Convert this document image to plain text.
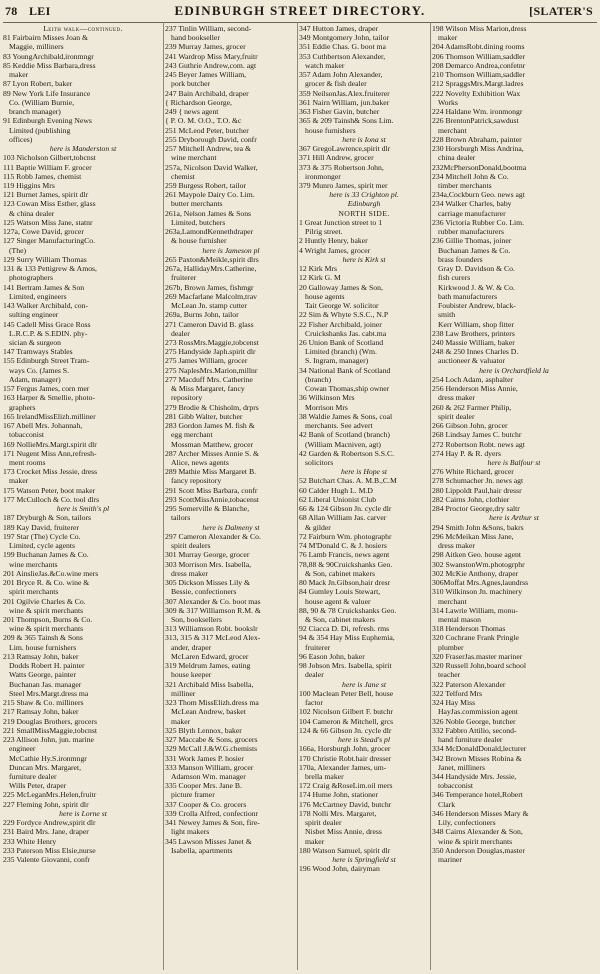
78 LEI	EDINBURGH STREET DIRECTORY.	[SLATER'S
Leith walk—continued.
81 Fairbairn Misses Joan &
Maggie, milliners
83 YoungArchibald,ironmngr
85 Keddie Miss Barbara,dress
maker
87 Lyon Robert, baker
89 New York Life Insurance
Co. (William Burnie,
branch manager)
91 Edinburgh Evening News
Limited (publishing
offices)
here is Manderston st
103 Nicholson Gilbert,tobcnst
111 Baptie William F. grocer
115 Robb James, chemist
119 Higgins Mrs
121 Burnet James, spirit dlr
123 Cowan Miss Esther, glass
& china dealer
125 Watson Miss Jane, statnr
127a, Cowe David, grocer
127 Singer ManufacturingCo.
(The)
129 Surry William Thomas
131 & 133 Pettigrew & Amos,
photographers
141 Bertram James & Son
Limited, engineers
143 Walker Archibald, con-
sulting engineer
145 Cadell Miss Grace Ross
L.R.C.P. & S.EDIN. phy-
sician & surgeon
147 Tramways Stables
155 Edinburgh Street Tram-
ways Co. (James S.
Adam, manager)
157 Fergus James, corn mer
163 Harper & Smellie, photo-
graphers
165 IrelandMissElizh.milliner
167 Abell Mrs. Johannah,
tobacconist
169 NollieMrs.Margt.spirit dlr
171 Nugent Miss Ann,refresh-
ment rooms
173 Crocket Miss Jessie, dress
maker
175 Watson Peter, boot maker
177 McCulloch & Co. tool dlrs
here is Smith's pl
187 Dryburgh & Son, tailors
189 Kay David, fruiterer
197 Star (The) Cycle Co.
Limited, cycle agents
199 Buchanan James & Co.
wine merchants
201 AinslieJas.&Co.wine mers
201 Bryce R. & Co. wine &
spirit merchants
201 Ogilvie Charles & Co.
wine & spirit merchants
201 Thompson, Burns & Co.
wine & spirit merchants
209 & 365 Tainsh & Sons
Lim. house furnishers
213 Ramsay John, baker
Dodds Robert H. painter
Watts George, painter
Buchanan Jas. manager
Steel Mrs.Margt.dress ma
215 Shaw & Co. milliners
217 Ramsay John, baker
219 Douglas Brothers, grocers
221 SmallMissMaggie,tobcnst
223 Allison John, jun. marine
engineer
McCathie Hy.S.ironmngr
Duncan Mrs. Margaret,
furniture dealer
Wills Peter, draper
225 McLeganMrs.Helen,fruitr
227 Fleming John, spirit dlr
here is Lorne st
229 Fordyce Andrew,spirit dlr
231 Baird Mrs. Jane, draper
233 White Henry
233 Paterson Miss Elsie,nurse
235 Valente Giovanni, confr
237 Tinlin William, second-
hand bookseller
239 Murray James, grocer
241 Wardrop Miss Mary,fruitr
243 Guthrie Andrew,com. agt
245 Beyer James William,
pork butcher
247 Bain Archibald, draper
{ Richardson George,
249 { news agent
{ P. O. M. O.O., T.O. &c
251 McLeod Peter, butcher
255 Dryborough David, confr
257 Mitchell Andrew, tea &
wine merchant
257a, Nicolson David Walker,
chemist
259 Burgess Robert, tailor
261 Maypole Dairy Co. Lim.
butter merchants
261a, Nelson James & Sons
Limited, butchers
263a,LamondKennethdraper
& house furnisher
here is Jameson pl
265 Paxton&Meikle,spirit dlrs
267a, HallidayMrs.Catherine,
fruiterer
267b, Brown James, fishmgr
269 Macfarlane Malcolm,trav
McLean Jn. stamp cutter
269a, Burns John, tailor
271 Cameron David B. glass
dealer
273 RossMrs.Maggie,tobcenst
275 Handyside Japh.spirit dlr
275 James William, grocer
275 NaplesMrs.Marion,millnr
277 Macduff Mrs. Catherine
& Miss Margaret, fancy
repository
279 Brodie & Chisholm, drprs
281 Gibb Walter, butcher
283 Gordon James M. fish &
egg merchant
Mossman Matthew, grocer
287 Archer Misses Annie S. &
Alice, news agents
289 Mathie Miss Margaret B.
fancy repository
291 Scott Miss Barbara, confr
293 ScottMissAnnie,tobacenst
295 Somerville & Blanche,
tailors
here is Dalmeny st
297 Cameron Alexander & Co.
spirit dealers
301 Murray George, grocer
303 Morrison Mrs. Isabella,
dress maker
305 Dickson Misses Lily &
Bessie, confectioners
307 Alexander & Co. boot mas
309 & 317 Williamson R.M. &
Son, booksellers
313 Williamson Robt. bookslr
313, 315 & 317 McLeod Alex-
ander, draper
McLaren Edward, grocer
319 Meldrum James, eating
house keeper
321 Archibald Miss Isabella,
milliner
323 Thom MissElizh.dress ma
McLean Andrew, basket
maker
325 Blyth Lennox, baker
327 Maccabe & Sons, grocers
329 McCall J.&W.G.chemists
331 Work James P. hosier
333 Manson William, grocer
Adamson Wm. manager
335 Cooper Mrs. Jane B.
picture framer
337 Cooper & Co. grocers
339 Crolla Alfred, confectionr
341 Newey James & Son, fire-
light makers
345 Lawson Misses Janet &
Isabella, apartments
347 Hutton James, draper
349 Montgomery John, tailor
351 Eddie Chas. G. boot ma
353 Cuthbertson Alexander,
watch maker
357 Adam John Alexander,
grocer & fish dealer
359 NeilsonJas.Alex.fruiterer
361 Nairn William, jun.baker
363 Fisher Gavin, butcher
365 & 209 Tainsh& Sons Lim.
house furnishers
here is Iona st
367 GregoLawrence,spirit dlr
371 Hill Andrew, grocer
373 & 375 Robertson John,
ironmonger
379 Munro James, spirit mer
here is 33 Crighton pl.
Edinburgh
NORTH SIDE.
1 Great Junction street to 1
Pilrig street.
2 Huntly Henry, baker
4 Wright James, grocer
here is Kirk st
12 Kirk Mrs
12 Kirk G. M
20 Galloway James & Son,
house agents
Tait George W. solicitor
22 Sim & Whyte S.S.C., N.P
22 Fisher Archibald, joiner
Cruickshanks Jas. cabt.ma
26 Union Bank of Scotland
Limited (branch) (Wm.
S. Ingram, manager)
34 National Bank of Scotland
(branch)
Cowan Thomas,ship owner
36 Wilkinson Mrs
Morrison Mrs
38 Waldie James & Sons, coal
merchants. See advert
42 Bank of Scotland (branch)
(William Macniven, agt)
42 Garden & Robertson S.S.C.
solicitors
here is Hope st
52 Butchart Chas. A. M.B.,C.M
60 Calder Hugh L. M.D
62 Liberal Unionist Club
66 & 124 Gibson Jn. cycle dlr
68 Allan William Jas. carver
& gilder
72 Fairburn Wm. photographr
74 M'Donald C. & J. hosiers
76 Lamb Francis, news agent
78,88 & 90Cruickshanks Geo.
& Son, cabinet makers
80 Mack Jn.Gibson,hair dresr
84 Gumley Louis Stewart,
house agent & valuer
88, 90 & 78 Cruickshanks Geo.
& Son, cabinet makers
92 Ciacca D. Di, refresh. rms
94 & 354 Hay Miss Euphemia,
fruiterer
96 Eason John, baker
98 Jobson Mrs. Isabella, spirit
dealer
here is Jane st
100 Maclean Peter Bell, house
factor
102 Nicolson Gilbert F. butchr
104 Cameron & Mitchell, grcs
124 & 66 Gibson Jn. cycle dlr
here is Stead's pl
166a, Horsburgh John, grocer
170 Christie Robt.hair dresser
170a, Alexander James, um-
brella maker
172 Craig &RoseLim.oil mers
174 Hume John, stationer
176 McCartney David, butchr
178 Nolli Mrs. Margaret,
spirit dealer
Nisbet Miss Annie, dress
maker
180 Watson Samuel, spirit dlr
here is Springfield st
196 Wood John, dairyman
198 Wilson Miss Marion,dress
maker
204 AdamsRobt.dining rooms
206 Thomson William,saddler
208 Demarco Andrea,confetnr
210 Thomson William,saddler
212 SpraggsMrs.Margt.ladres
222 Novelty Exhibition Wax
Works
224 Haldane Wm. ironmongr
226 BrentonPatrick,sawdust
merchant
228 Brown Abraham, painter
230 Horsburgh Miss Andrina,
china dealer
232McPhersonDonald,bootma
234 Mitchell John & Co.
timber merchants
234a,Cockburn Geo. news agt
234 Walker Charles, baby
carriage manufacturer
236 Victoria Rubber Co. Lim.
rubber manufacturers
236 Gillie Thomas, joiner
Buchanan James & Co.
brass founders
Gray D. Davidson & Co.
fish curers
Kirkwood J. & W. & Co.
bath manufacturers
Foubister Andrew, black-
smith
Kerr William, shop fitter
238 Law Brothers, printers
240 Massie William, baker
248 & 250 Innes Charles D.
auctioneer & valuator
here is Orchardfield la
254 Loch Adam, asphalter
256 Henderson Miss Annie,
dress maker
260 & 262 Farmer Philip,
spirit dealer
266 Gibson John, grocer
268 Lindsay James C. butchr
272 Robertson Robt. news agt
274 Hay P. & R. dyers
here is Balfour st
276 White Richard, grocer
278 Schumacher Jn. news agt
280 Lippoldt Paul,hair dressr
282 Cairns John, clothier
284 Proctor George,dry saltr
here is Arthur st
294 Smith John &Sons, bakrs
296 McMeikan Miss Jane,
dress maker
298 Aitken Geo. house agent
302 SwanstonWm.photogrphr
302 McKie Anthony, draper
306Moffat Mrs.Agnes,laundrss
310 Wilkinson Jn. machinery
merchant
314 Lawrie William, monu-
mental mason
318 Henderson Thomas
320 Cochrane Frank Pringle
plumber
320 FraserJas.master mariner
320 Russell John,board school
teacher
322 Paterson Alexander
322 Telford Mrs
324 Hay Miss
HayJas.commission agent
326 Noble George, butcher
332 Fabbro Attilio, second-
hand furniture dealer
334 McDonaldDonald,lecturer
342 Brown Misses Robina &
Janet, milliners
344 Handyside Mrs. Jessie,
tobacconist
346 Temperance hotel,Robert
Clark
346 Henderson Misses Mary &
Lily, confectioners
348 Cairns Alexander & Son,
wine & spirit merchants
350 Anderson Douglas,master
mariner
